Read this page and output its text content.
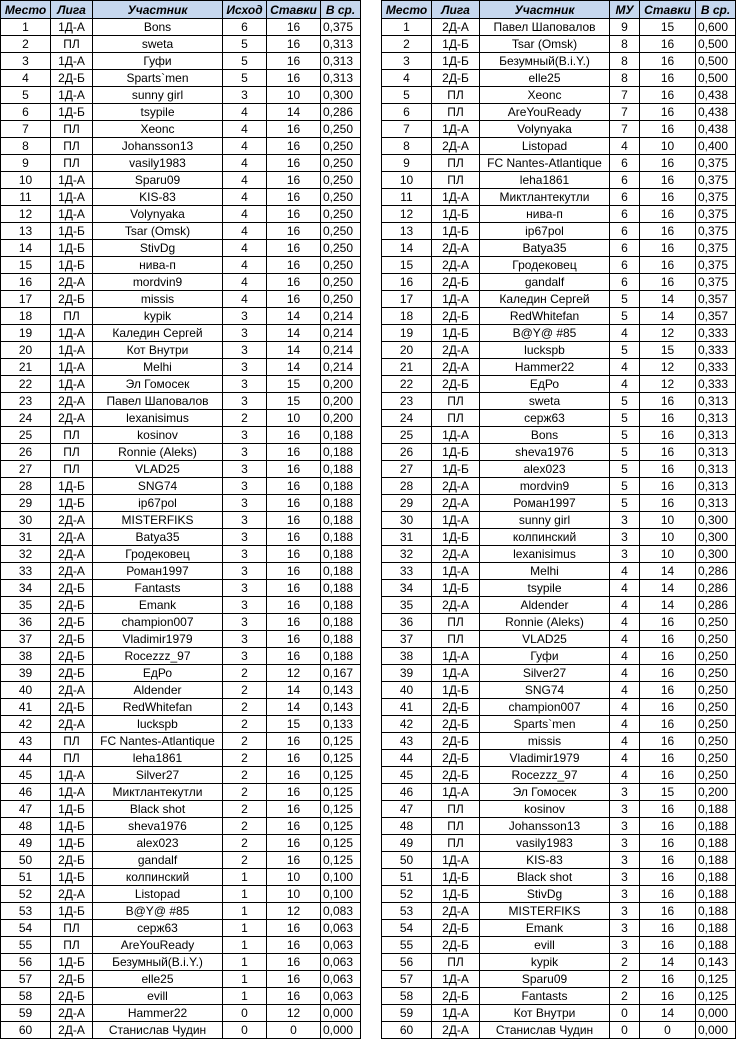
Место	Лига	Участник	Исход	Ставки	В ср.
1	1Д-А	Bons	6	16	0,375
2	ПЛ	sweta	5	16	0,313
3	1Д-А	Гуфи	5	16	0,313
4	2Д-Б	Sparts`men	5	16	0,313
5	1Д-А	sunny girl	3	10	0,300
6	1Д-Б	tsypile	4	14	0,286
7	ПЛ	Xeonc	4	16	0,250
8	ПЛ	Johansson13	4	16	0,250
9	ПЛ	vasily1983	4	16	0,250
10	1Д-А	Sparu09	4	16	0,250
11	1Д-А	KIS-83	4	16	0,250
12	1Д-А	Volynyaka	4	16	0,250
13	1Д-Б	Tsar (Omsk)	4	16	0,250
14	1Д-Б	StivDg	4	16	0,250
15	1Д-Б	нива-п	4	16	0,250
16	2Д-А	mordvin9	4	16	0,250
17	2Д-Б	missis	4	16	0,250
18	ПЛ	kypik	3	14	0,214
19	1Д-А	Каледин Сергей	3	14	0,214
20	1Д-А	Кот Внутри	3	14	0,214
21	1Д-А	Melhi	3	14	0,214
22	1Д-А	Эл Гомосек	3	15	0,200
23	2Д-А	Павел Шаповалов	3	15	0,200
24	2Д-А	lexanisimus	2	10	0,200
25	ПЛ	kosinov	3	16	0,188
26	ПЛ	Ronnie (Aleks)	3	16	0,188
27	ПЛ	VLAD25	3	16	0,188
28	1Д-Б	SNG74	3	16	0,188
29	1Д-Б	ip67pol	3	16	0,188
30	2Д-А	MISTERFIKS	3	16	0,188
31	2Д-А	Batya35	3	16	0,188
32	2Д-А	Гродековец	3	16	0,188
33	2Д-А	Роман1997	3	16	0,188
34	2Д-Б	Fantasts	3	16	0,188
35	2Д-Б	Emank	3	16	0,188
36	2Д-Б	champion007	3	16	0,188
37	2Д-Б	Vladimir1979	3	16	0,188
38	2Д-Б	Rocezzz_97	3	16	0,188
39	2Д-Б	ЕдРо	2	12	0,167
40	2Д-А	Aldender	2	14	0,143
41	2Д-Б	RedWhitefan	2	14	0,143
42	2Д-А	luckspb	2	15	0,133
43	ПЛ	FC Nantes-Atlantique	2	16	0,125
44	ПЛ	leha1861	2	16	0,125
45	1Д-А	Silver27	2	16	0,125
46	1Д-А	Миктлантекутли	2	16	0,125
47	1Д-Б	Black shot	2	16	0,125
48	1Д-Б	sheva1976	2	16	0,125
49	1Д-Б	alex023	2	16	0,125
50	2Д-Б	gandalf	2	16	0,125
51	1Д-Б	колпинский	1	10	0,100
52	2Д-А	Listopad	1	10	0,100
53	1Д-Б	B@Y@ #85	1	12	0,083
54	ПЛ	серж63	1	16	0,063
55	ПЛ	AreYouReady	1	16	0,063
56	1Д-Б	Безумный(B.i.Y.)	1	16	0,063
57	2Д-Б	elle25	1	16	0,063
58	2Д-Б	evill	1	16	0,063
59	2Д-А	Hammer22	0	12	0,000
60	2Д-А	Станислав Чудин	0	0	0,000
Место	Лига	Участник	МУ	Ставки	В ср.
1	2Д-А	Павел Шаповалов	9	15	0,600
2	1Д-Б	Tsar (Omsk)	8	16	0,500
3	1Д-Б	Безумный(B.i.Y.)	8	16	0,500
4	2Д-Б	elle25	8	16	0,500
5	ПЛ	Xeonc	7	16	0,438
6	ПЛ	AreYouReady	7	16	0,438
7	1Д-А	Volynyaka	7	16	0,438
8	2Д-А	Listopad	4	10	0,400
9	ПЛ	FC Nantes-Atlantique	6	16	0,375
10	ПЛ	leha1861	6	16	0,375
11	1Д-А	Миктлантекутли	6	16	0,375
12	1Д-Б	нива-п	6	16	0,375
13	1Д-Б	ip67pol	6	16	0,375
14	2Д-А	Batya35	6	16	0,375
15	2Д-А	Гродековец	6	16	0,375
16	2Д-Б	gandalf	6	16	0,375
17	1Д-А	Каледин Сергей	5	14	0,357
18	2Д-Б	RedWhitefan	5	14	0,357
19	1Д-Б	B@Y@ #85	4	12	0,333
20	2Д-А	luckspb	5	15	0,333
21	2Д-А	Hammer22	4	12	0,333
22	2Д-Б	ЕдРо	4	12	0,333
23	ПЛ	sweta	5	16	0,313
24	ПЛ	серж63	5	16	0,313
25	1Д-А	Bons	5	16	0,313
26	1Д-Б	sheva1976	5	16	0,313
27	1Д-Б	alex023	5	16	0,313
28	2Д-А	mordvin9	5	16	0,313
29	2Д-А	Роман1997	5	16	0,313
30	1Д-А	sunny girl	3	10	0,300
31	1Д-Б	колпинский	3	10	0,300
32	2Д-А	lexanisimus	3	10	0,300
33	1Д-А	Melhi	4	14	0,286
34	1Д-Б	tsypile	4	14	0,286
35	2Д-А	Aldender	4	14	0,286
36	ПЛ	Ronnie (Aleks)	4	16	0,250
37	ПЛ	VLAD25	4	16	0,250
38	1Д-А	Гуфи	4	16	0,250
39	1Д-А	Silver27	4	16	0,250
40	1Д-Б	SNG74	4	16	0,250
41	2Д-Б	champion007	4	16	0,250
42	2Д-Б	Sparts`men	4	16	0,250
43	2Д-Б	missis	4	16	0,250
44	2Д-Б	Vladimir1979	4	16	0,250
45	2Д-Б	Rocezzz_97	4	16	0,250
46	1Д-А	Эл Гомосек	3	15	0,200
47	ПЛ	kosinov	3	16	0,188
48	ПЛ	Johansson13	3	16	0,188
49	ПЛ	vasily1983	3	16	0,188
50	1Д-А	KIS-83	3	16	0,188
51	1Д-Б	Black shot	3	16	0,188
52	1Д-Б	StivDg	3	16	0,188
53	2Д-А	MISTERFIKS	3	16	0,188
54	2Д-Б	Emank	3	16	0,188
55	2Д-Б	evill	3	16	0,188
56	ПЛ	kypik	2	14	0,143
57	1Д-А	Sparu09	2	16	0,125
58	2Д-Б	Fantasts	2	16	0,125
59	1Д-А	Кот Внутри	0	14	0,000
60	2Д-А	Станислав Чудин	0	0	0,000
